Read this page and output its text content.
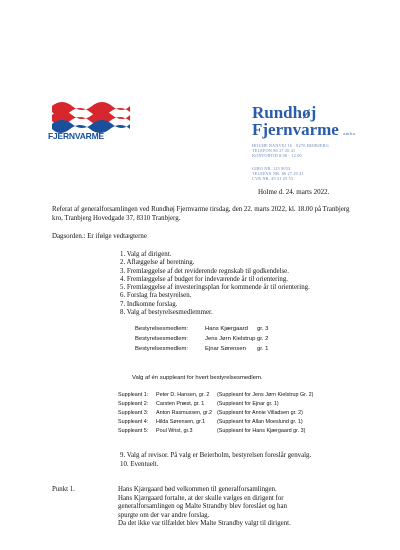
FJERNVARME
Rundhøj
Fjernvarme a.m.b.a.
HOLME BANVEJ 16 · 8270 HØJBJERG
TELEFON 86 27 20 41
KONTORTID 8.00 - 12.00
GIRO NR. 125 9053
TELEFAX NR. 86 27 29 41
CVR NR. 49 31 25 53
Holme d. 24. marts 2022.
Referat af generalforsamlingen ved Rundhøj Fjernvarme tirsdag, den 22. marts 2022, kl. 18.00 på Tranbjerg kro, Tranbjerg Hovedgade 37, 8310 Tranbjerg.
Dagsorden.: Er ifølge vedtægterne
1. Valg af dirigent.
2. Aflæggelse af beretning.
3. Fremlæggelse af det reviderende regnskab til godkendelse.
4. Fremlæggelse af budget for indeværende år til orientering.
5. Fremlæggelse af investeringsplan for kommende år til orientering.
6. Forslag fra bestyrelsen.
7. Indkomne forslag.
8. Valg af bestyrelsesmedlemmer.
Bestyrelsesmedlem:	Hans Kjærgaard gr. 3
Bestyrelsesmedlem:	Jens Jørn Kielstrup gr. 2
Bestyrelsesmedlem:	Ejnar Sørensen gr. 1
Valg af én suppleant for hvert bestyrelsesmedlem.
Suppleant 1: Peter D. Hansen, gr. 2 (Suppleant for Jens Jørn Kielstrup Gr. 2)
Suppleant 2: Carsten Præst, gr. 1 (Suppleant for Ejnar gr. 1)
Suppleant 3: Anton Rasmussen, gr.2 (Suppleant for Annie Villadsen gr. 2)
Suppleant 4: Hilda Sørensen, gr.1 (Suppleant for Allan Moeslund gr. 1)
Suppleant 5: Poul Wrist, gr.3	(Suppleant for Hans Kjærgaard gr. 3)
9. Valg af revisor. På valg er Beierholm, bestyrelsen foreslår genvalg.
10. Eventuelt.
Punkt 1.	Hans Kjærgaard bød velkommen til generalforsamlingen.
Hans Kjærgaard fortalte, at der skulle vælges en dirigent for
generalforsamlingen og Malte Strandby blev foreslået og han
spurgte om der var andre forslag.
Da det ikke var tilfældet blev Malte Strandby valgt til dirigent.
